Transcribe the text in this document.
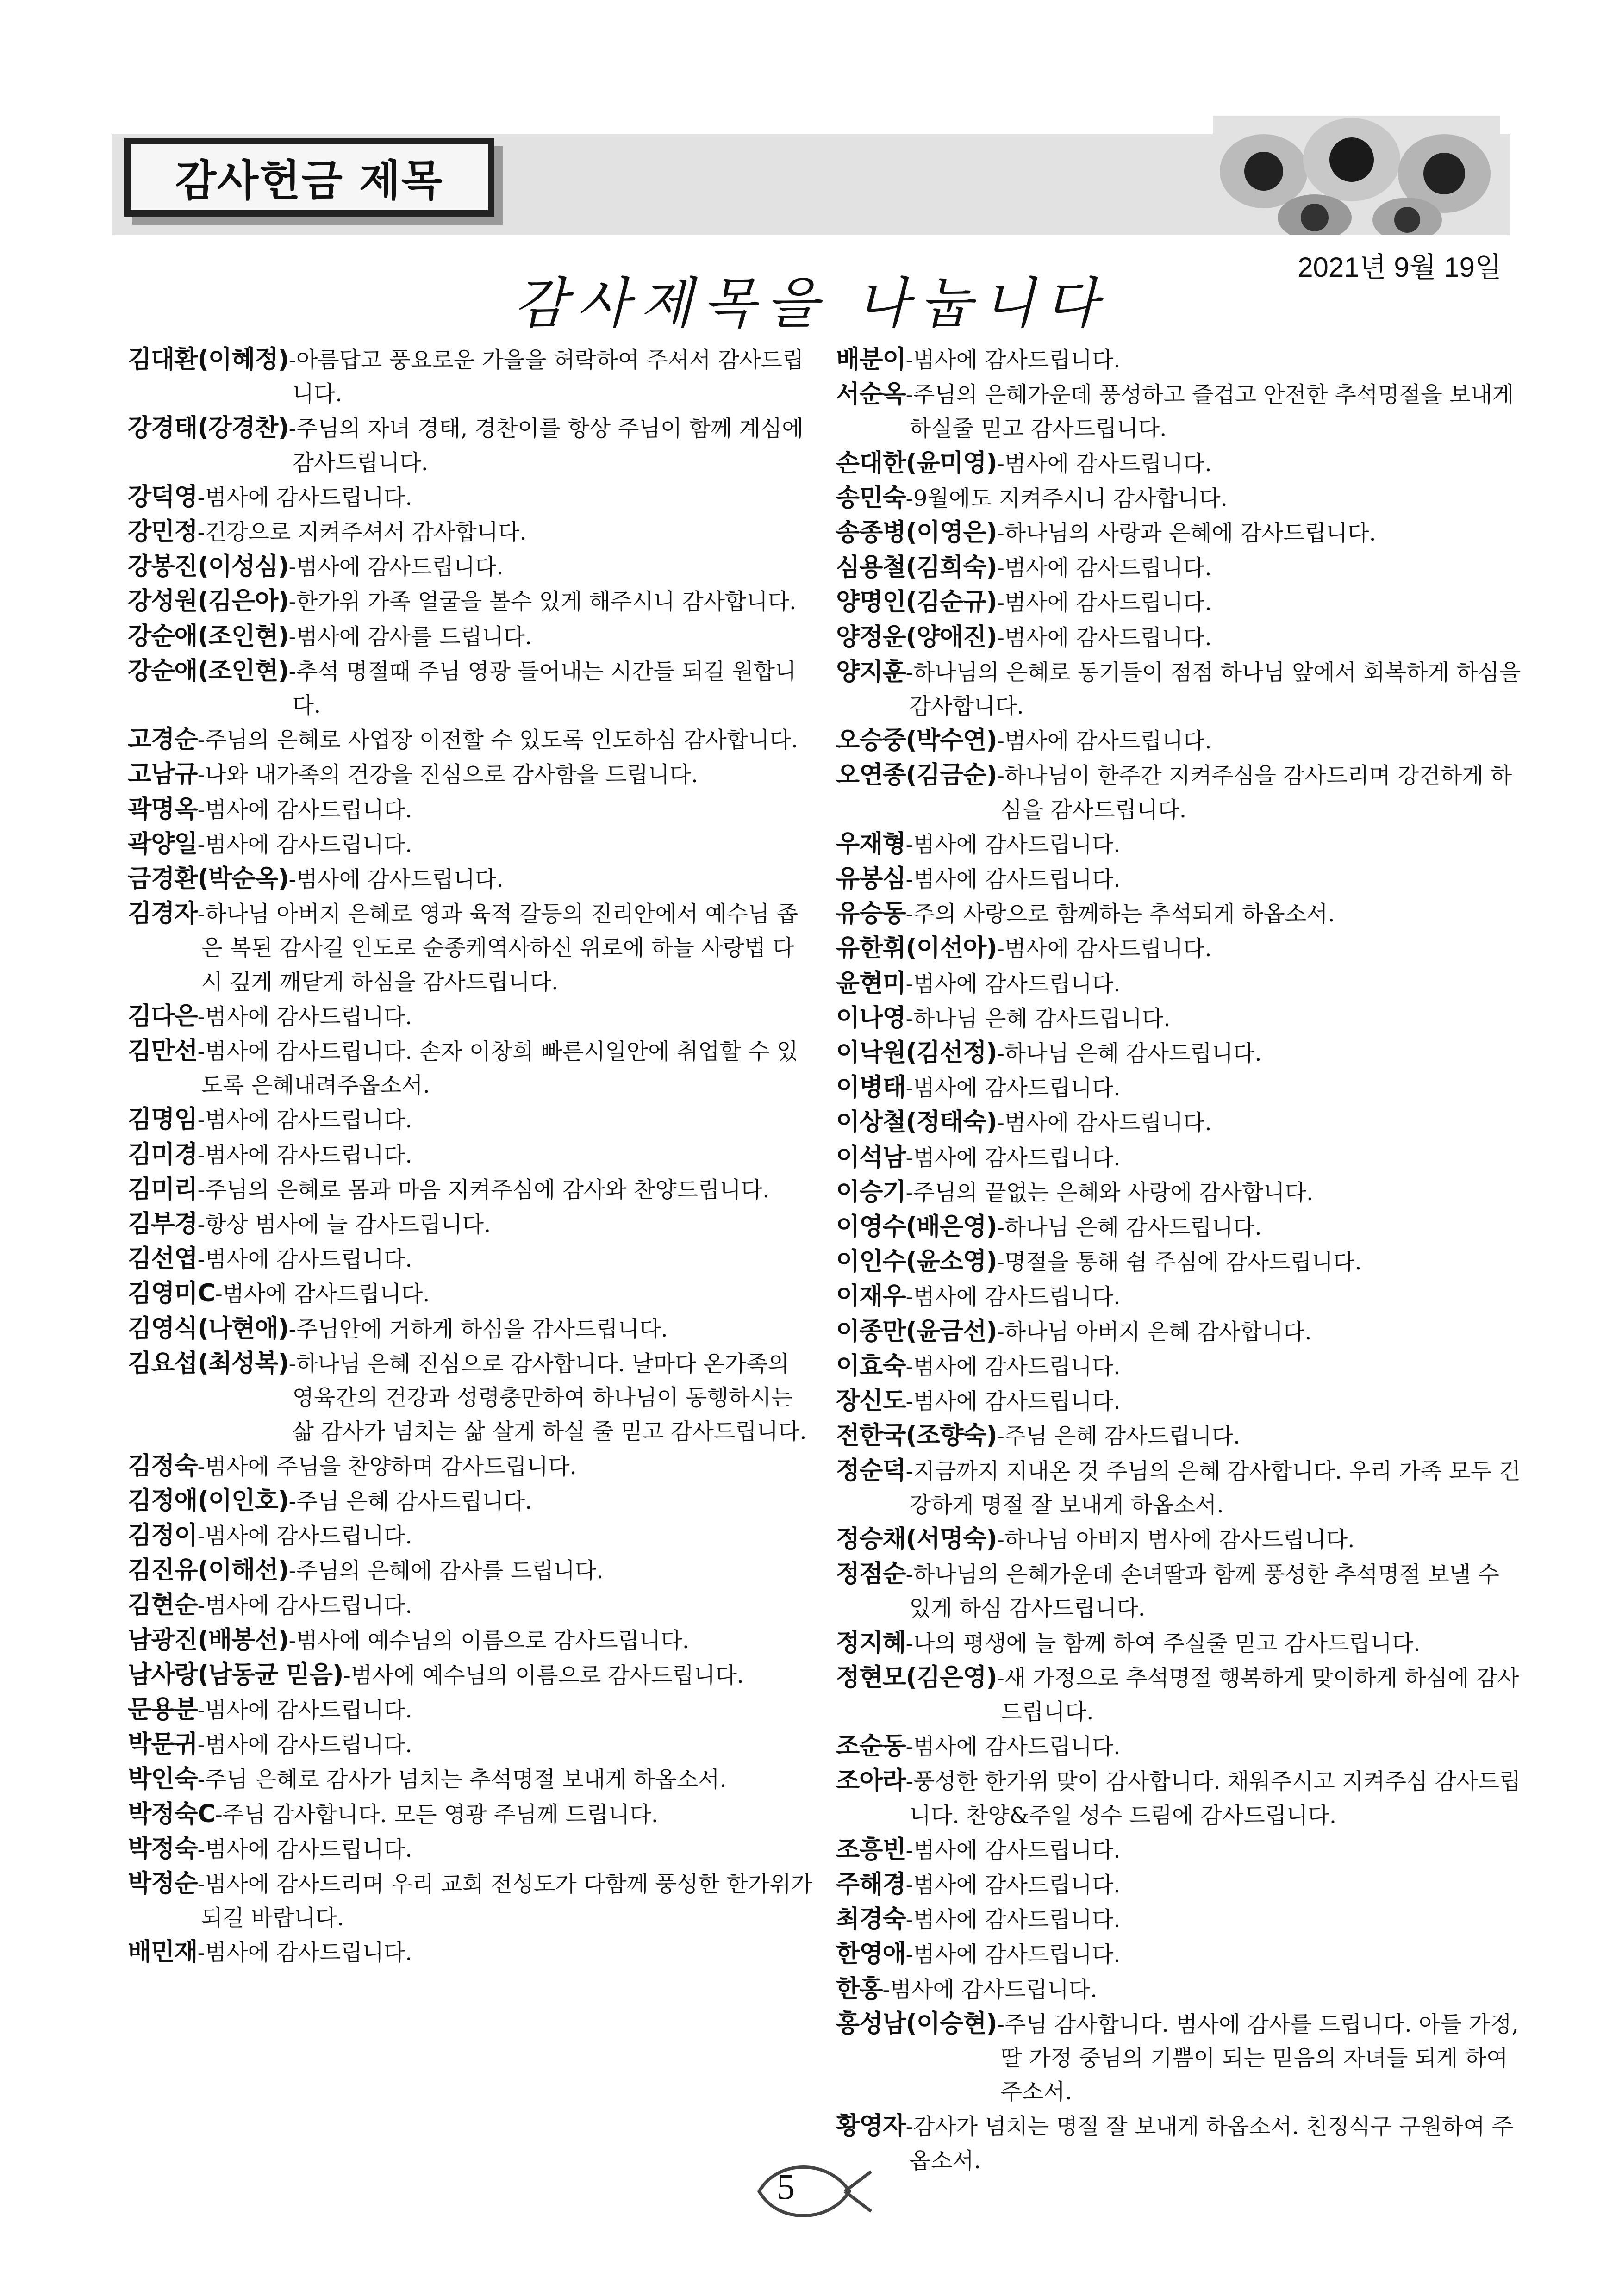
감사헌금 제목
2021년 9월 19일
감사제목을 나눕니다
김대환(이혜정)-아름답고 풍요로운 가을을 허락하여 주셔서 감사드립니다.
강경태(강경찬)-주님의 자녀 경태, 경찬이를 항상 주님이 함께 계심에 감사드립니다.
강덕영-범사에 감사드립니다.
강민정-건강으로 지켜주셔서 감사합니다.
강봉진(이성심)-범사에 감사드립니다.
강성원(김은아)-한가위 가족 얼굴을 볼수 있게 해주시니 감사합니다.
강순애(조인현)-범사에 감사를 드립니다.
강순애(조인현)-추석 명절때 주님 영광 들어내는 시간들 되길 원합니다.
고경순-주님의 은혜로 사업장 이전할 수 있도록 인도하심 감사합니다.
고남규-나와 내가족의 건강을 진심으로 감사함을 드립니다.
곽명옥-범사에 감사드립니다.
곽양일-범사에 감사드립니다.
금경환(박순옥)-범사에 감사드립니다.
김경자-하나님 아버지 은혜로 영과 육적 갈등의 진리안에서 예수님 좁은 복된 감사길 인도로 순종케역사하신 위로에 하늘 사랑법 다시 깊게 깨닫게 하심을 감사드립니다.
김다은-범사에 감사드립니다.
김만선-범사에 감사드립니다. 손자 이창희 빠른시일안에 취업할 수 있도록 은혜내려주옵소서.
김명임-범사에 감사드립니다.
김미경-범사에 감사드립니다.
김미리-주님의 은혜로 몸과 마음 지켜주심에 감사와 찬양드립니다.
김부경-항상 범사에 늘 감사드립니다.
김선엽-범사에 감사드립니다.
김영미C-범사에 감사드립니다.
김영식(나현애)-주님안에 거하게 하심을 감사드립니다.
김요섭(최성복)-하나님 은혜 진심으로 감사합니다. 날마다 온가족의 영육간의 건강과 성령충만하여 하나님이 동행하시는 삶 감사가 넘치는 삶 살게 하실 줄 믿고 감사드립니다.
김정숙-범사에 주님을 찬양하며 감사드립니다.
김정애(이인호)-주님 은혜 감사드립니다.
김정이-범사에 감사드립니다.
김진유(이해선)-주님의 은혜에 감사를 드립니다.
김현순-범사에 감사드립니다.
남광진(배봉선)-범사에 예수님의 이름으로 감사드립니다.
남사랑(남동균 믿음)-범사에 예수님의 이름으로 감사드립니다.
문용분-범사에 감사드립니다.
박문귀-범사에 감사드립니다.
박인숙-주님 은혜로 감사가 넘치는 추석명절 보내게 하옵소서.
박정숙C-주님 감사합니다. 모든 영광 주님께 드립니다.
박정숙-범사에 감사드립니다.
박정순-범사에 감사드리며 우리 교회 전성도가 다함께 풍성한 한가위가 되길 바랍니다.
배민재-범사에 감사드립니다.
배분이-범사에 감사드립니다.
서순옥-주님의 은혜가운데 풍성하고 즐겁고 안전한 추석명절을 보내게 하실줄 믿고 감사드립니다.
손대한(윤미영)-범사에 감사드립니다.
송민숙-9월에도 지켜주시니 감사합니다.
송종병(이영은)-하나님의 사랑과 은혜에 감사드립니다.
심용철(김희숙)-범사에 감사드립니다.
양명인(김순규)-범사에 감사드립니다.
양정운(양애진)-범사에 감사드립니다.
양지훈-하나님의 은혜로 동기들이 점점 하나님 앞에서 회복하게 하심을 감사합니다.
오승중(박수연)-범사에 감사드립니다.
오연종(김금순)-하나님이 한주간 지켜주심을 감사드리며 강건하게 하심을 감사드립니다.
우재형-범사에 감사드립니다.
유봉심-범사에 감사드립니다.
유승동-주의 사랑으로 함께하는 추석되게 하옵소서.
유한휘(이선아)-범사에 감사드립니다.
윤현미-범사에 감사드립니다.
이나영-하나님 은혜 감사드립니다.
이낙원(김선정)-하나님 은혜 감사드립니다.
이병태-범사에 감사드립니다.
이상철(정태숙)-범사에 감사드립니다.
이석남-범사에 감사드립니다.
이승기-주님의 끝없는 은혜와 사랑에 감사합니다.
이영수(배은영)-하나님 은혜 감사드립니다.
이인수(윤소영)-명절을 통해 쉼 주심에 감사드립니다.
이재우-범사에 감사드립니다.
이종만(윤금선)-하나님 아버지 은혜 감사합니다.
이효숙-범사에 감사드립니다.
장신도-범사에 감사드립니다.
전한국(조향숙)-주님 은혜 감사드립니다.
정순덕-지금까지 지내온 것 주님의 은혜 감사합니다. 우리 가족 모두 건강하게 명절 잘 보내게 하옵소서.
정승채(서명숙)-하나님 아버지 범사에 감사드립니다.
정점순-하나님의 은혜가운데 손녀딸과 함께 풍성한 추석명절 보낼 수 있게 하심 감사드립니다.
정지혜-나의 평생에 늘 함께 하여 주실줄 믿고 감사드립니다.
정현모(김은영)-새 가정으로 추석명절 행복하게 맞이하게 하심에 감사드립니다.
조순동-범사에 감사드립니다.
조아라-풍성한 한가위 맞이 감사합니다. 채워주시고 지켜주심 감사드립니다. 찬양&주일 성수 드림에 감사드립니다.
조흥빈-범사에 감사드립니다.
주해경-범사에 감사드립니다.
최경숙-범사에 감사드립니다.
한영애-범사에 감사드립니다.
한홍-범사에 감사드립니다.
홍성남(이승현)-주님 감사합니다. 범사에 감사를 드립니다. 아들 가정, 딸 가정 중님의 기쁨이 되는 믿음의 자녀들 되게 하여주소서.
황영자-감사가 넘치는 명절 잘 보내게 하옵소서. 친정식구 구원하여 주옵소서.
5
